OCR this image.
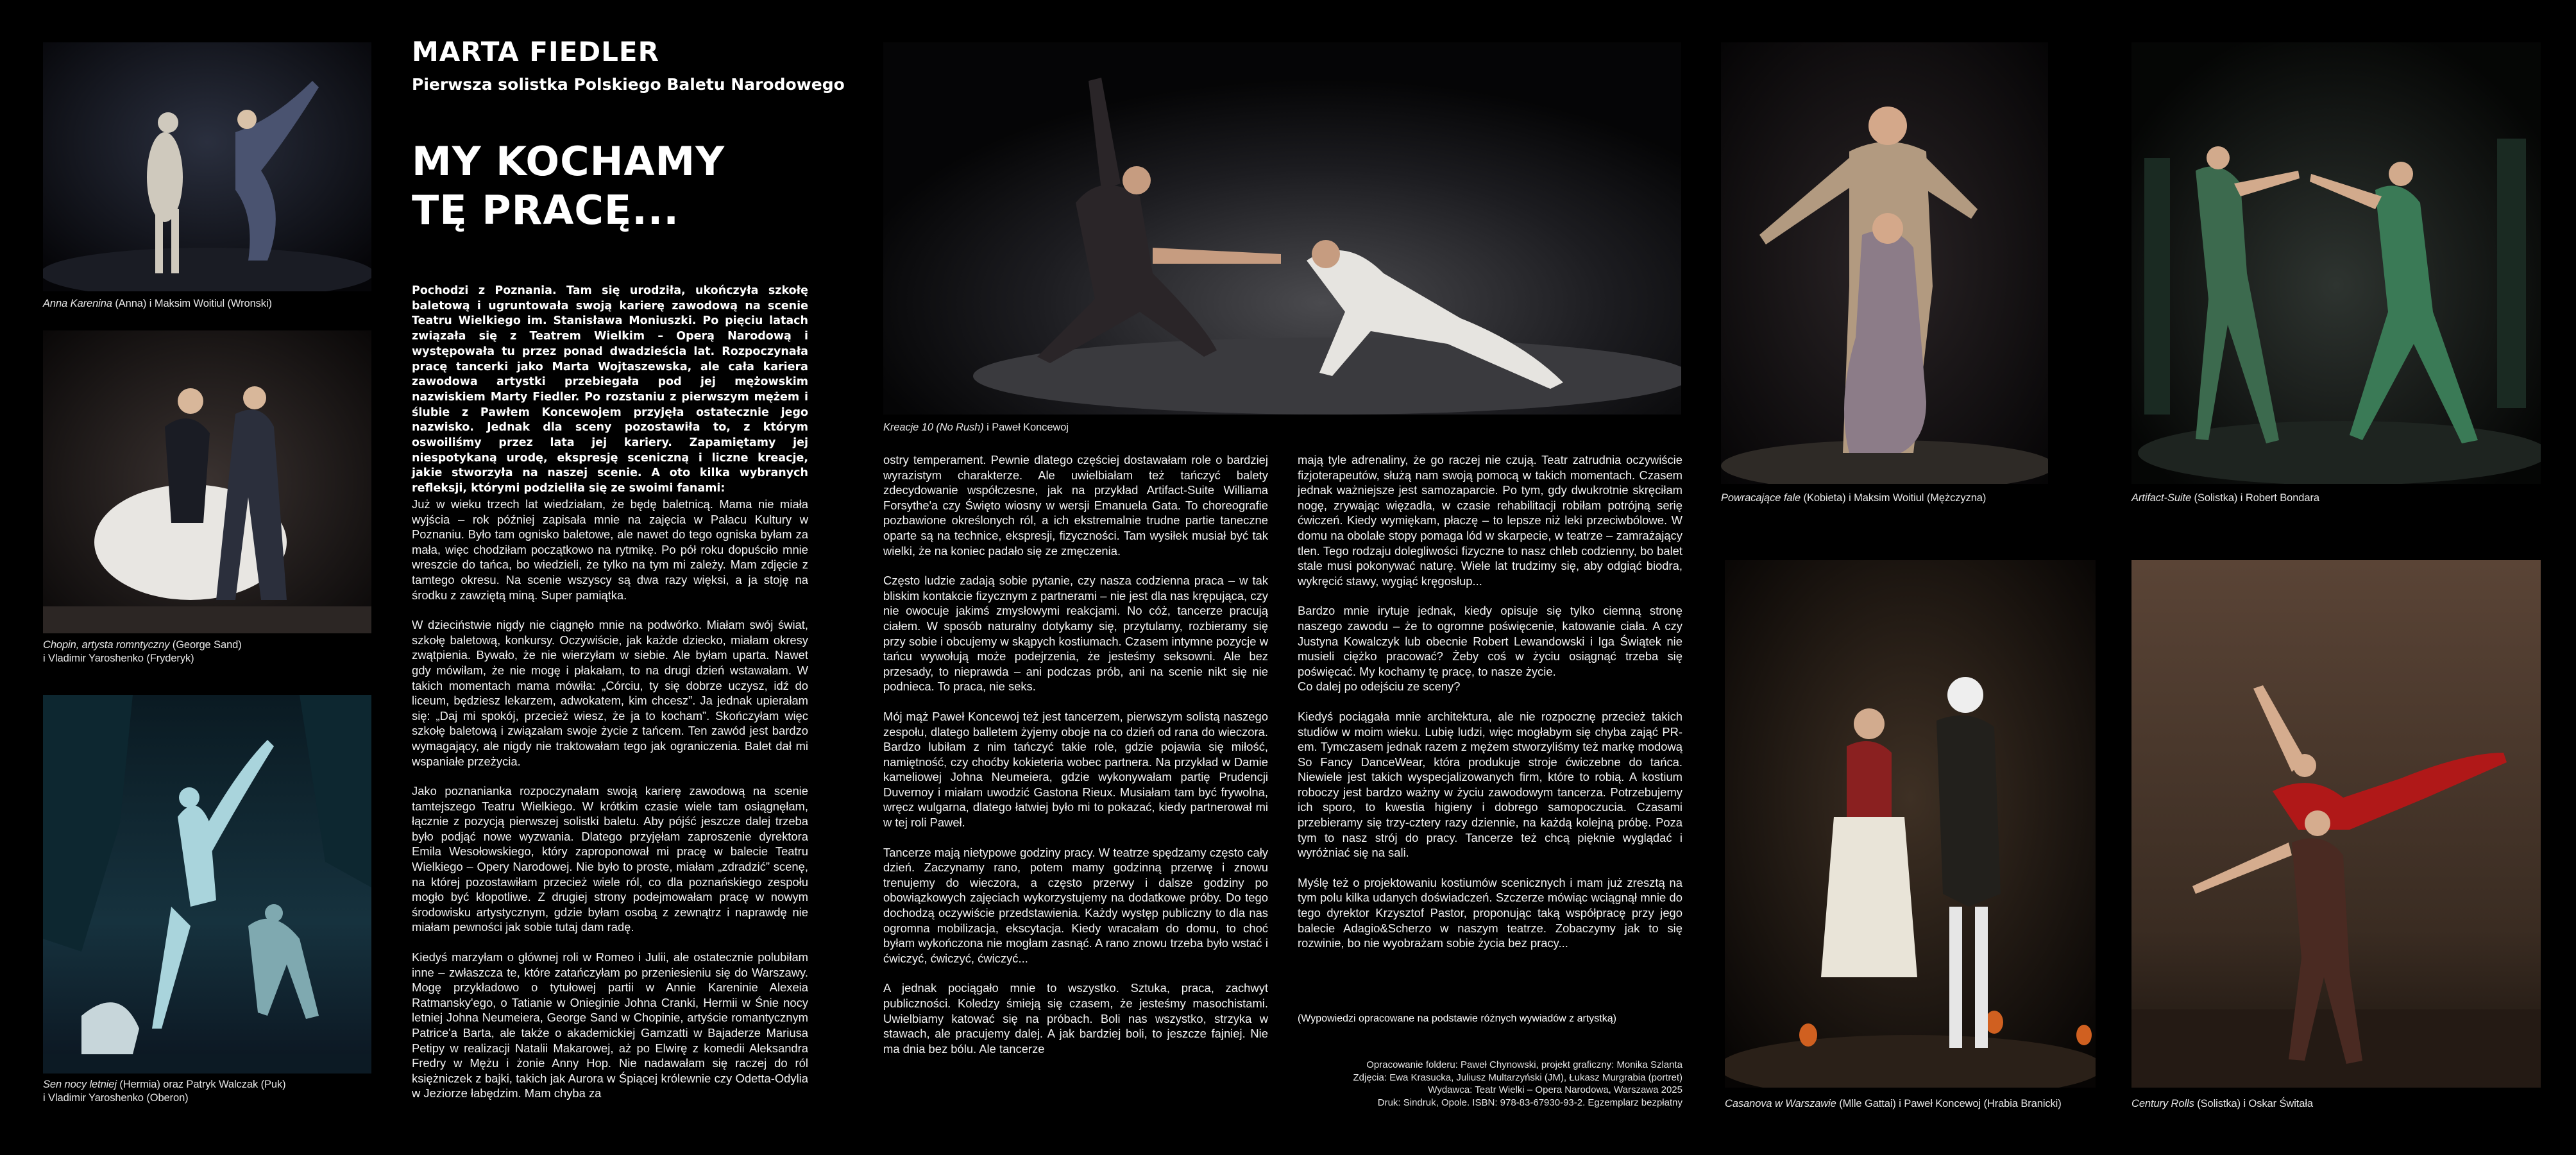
Anna Karenina (Anna) i Maksim Woitiul (Wronski)
Chopin, artysta romntyczny (George Sand)
i Vladimir Yaroshenko (Fryderyk)
Sen nocy letniej (Hermia) oraz Patryk Walczak (Puk)
i Vladimir Yaroshenko (Oberon)
Kreacje 10 (No Rush) i Paweł Koncewoj
Powracające fale (Kobieta) i Maksim Woitiul (Mężczyzna)	Artifact-Suite (Solistka) i Robert Bondara
Casanova w Warszawie (Mlle Gattai) i Paweł Koncewoj (Hrabia Branicki)	Century Rolls (Solistka) i Oskar Świtała
MARTA FIEDLER
Pierwsza solistka Polskiego Baletu Narodowego
MY KOCHAMY
TĘ PRACĘ...
Pochodzi z Poznania. Tam się urodziła, ukończyła szkołę baletową i ugruntowała swoją karierę zawodową na scenie Teatru Wielkiego im. Stanisława Moniuszki. Po pięciu latach związała się z Teatrem Wielkim – Operą Narodową i występowała tu przez ponad dwadzieścia lat. Rozpoczynała pracę tancerki jako Marta Wojtaszewska, ale cała kariera zawodowa artystki przebiegała pod jej mężowskim nazwiskiem Marty Fiedler. Po rozstaniu z pierwszym mężem i ślubie z Pawłem Koncewojem przyjęła ostatecznie jego nazwisko. Jednak dla sceny pozostawiła to, z którym oswoiliśmy przez lata jej kariery. Zapamiętamy jej niespotykaną urodę, ekspresję sceniczną i liczne kreacje, jakie stworzyła na naszej scenie. A oto kilka wybranych refleksji, którymi podzieliła się ze swoimi fanami:

Już w wieku trzech lat wiedziałam, że będę baletnicą. Mama nie miała wyjścia – rok później zapisała mnie na zajęcia w Pałacu Kultury w Poznaniu. Było tam ognisko baletowe, ale nawet do tego ogniska byłam za mała, więc chodziłam początkowo na rytmikę. Po pół roku dopuściło mnie wreszcie do tańca, bo wiedzieli, że tylko na tym mi zależy. Mam zdjęcie z tamtego okresu. Na scenie wszyscy są dwa razy więksi, a ja stoję na środku z zawziętą miną. Super pamiątka.

W dzieciństwie nigdy nie ciągnęło mnie na podwórko. Miałam swój świat, szkołę baletową, konkursy. Oczywiście, jak każde dziecko, miałam okresy zwątpienia. Bywało, że nie wierzyłam w siebie. Ale byłam uparta. Nawet gdy mówiłam, że nie mogę i płakałam, to na drugi dzień wstawałam. W takich momentach mama mówiła: „Córciu, ty się dobrze uczysz, idź do liceum, będziesz lekarzem, adwokatem, kim chcesz”. Ja jednak upierałam się: „Daj mi spokój, przecież wiesz, że ja to kocham”. Skończyłam więc szkołę baletową i związałam swoje życie z tańcem. Ten zawód jest bardzo wymagający, ale nigdy nie traktowałam tego jak ograniczenia. Balet dał mi wspaniałe przeżycia.

Jako poznanianka rozpoczynałam swoją karierę zawodową na scenie tamtejszego Teatru Wielkiego. W krótkim czasie wiele tam osiągnęłam, łącznie z pozycją pierwszej solistki baletu. Aby pójść jeszcze dalej trzeba było podjąć nowe wyzwania. Dlatego przyjęłam zaproszenie dyrektora Emila Wesołowskiego, który zaproponował mi pracę w balecie Teatru Wielkiego – Opery Narodowej. Nie było to proste, miałam „zdradzić” scenę, na której pozostawiłam przecież wiele ról, co dla poznańskiego zespołu mogło być kłopotliwe. Z drugiej strony podejmowałam pracę w nowym środowisku artystycznym, gdzie byłam osobą z zewnątrz i naprawdę nie miałam pewności jak sobie tutaj dam radę.

Kiedyś marzyłam o głównej roli w Romeo i Julii, ale ostatecznie polubiłam inne – zwłaszcza te, które zatańczyłam po przeniesieniu się do Warszawy. Mogę przykładowo o tytułowej partii w Annie Kareninie Alexeia Ratmansky'ego, o Tatianie w Onieginie Johna Cranki, Hermii w Śnie nocy letniej Johna Neumeiera, George Sand w Chopinie, artyście romantycznym Patrice'a Barta, ale także o akademickiej Gamzatti w Bajaderze Mariusa Petipy w realizacji Natalii Makarowej, aż po Elwirę z komedii Aleksandra Fredry w Mężu i żonie Anny Hop. Nie nadawałam się raczej do ról księżniczek z bajki, takich jak Aurora w Śpiącej królewnie czy Odetta-Odylia w Jeziorze łabędzim. Mam chyba za

ostry temperament. Pewnie dlatego częściej dostawałam role o bardziej wyrazistym charakterze. Ale uwielbiałam też tańczyć balety zdecydowanie współczesne, jak na przykład Artifact-Suite Williama Forsythe'a czy Święto wiosny w wersji Emanuela Gata. To choreografie pozbawione określonych ról, a ich ekstremalnie trudne partie taneczne oparte są na technice, ekspresji, fizyczności. Tam wysiłek musiał być tak wielki, że na koniec padało się ze zmęczenia.

Często ludzie zadają sobie pytanie, czy nasza codzienna praca – w tak bliskim kontakcie fizycznym z partnerami – nie jest dla nas krępująca, czy nie owocuje jakimś zmysłowymi reakcjami. No cóż, tancerze pracują ciałem. W sposób naturalny dotykamy się, przytulamy, rozbieramy się przy sobie i obcujemy w skąpych kostiumach. Czasem intymne pozycje w tańcu wywołują może podejrzenia, że jesteśmy seksowni. Ale bez przesady, to nieprawda – ani podczas prób, ani na scenie nikt się nie podnieca. To praca, nie seks.

Mój mąż Paweł Koncewoj też jest tancerzem, pierwszym solistą naszego zespołu, dlatego balletem żyjemy oboje na co dzień od rana do wieczora. Bardzo lubiłam z nim tańczyć takie role, gdzie pojawia się miłość, namiętność, czy choćby kokieteria wobec partnera. Na przykład w Damie kameliowej Johna Neumeiera, gdzie wykonywałam partię Prudencji Duvernoy i miałam uwodzić Gastona Rieux. Musiałam tam być frywolna, wręcz wulgarna, dlatego łatwiej było mi to pokazać, kiedy partnerował mi w tej roli Paweł.

Tancerze mają nietypowe godziny pracy. W teatrze spędzamy często cały dzień. Zaczynamy rano, potem mamy godzinną przerwę i znowu trenujemy do wieczora, a często przerwy i dalsze godziny po obowiązkowych zajęciach wykorzystujemy na dodatkowe próby. Do tego dochodzą oczywiście przedstawienia. Każdy występ publiczny to dla nas ogromna mobilizacja, ekscytacja. Kiedy wracałam do domu, to choć byłam wykończona nie mogłam zasnąć. A rano znowu trzeba było wstać i ćwiczyć, ćwiczyć, ćwiczyć...

A jednak pociągało mnie to wszystko. Sztuka, praca, zachwyt publiczności. Koledzy śmieją się czasem, że jesteśmy masochistami. Uwielbiamy katować się na próbach. Boli nas wszystko, strzyka w stawach, ale pracujemy dalej. A jak bardziej boli, to jeszcze fajniej. Nie ma dnia bez bólu. Ale tancerze

mają tyle adrenaliny, że go raczej nie czują. Teatr zatrudnia oczywiście fizjoterapeutów, służą nam swoją pomocą w takich momentach. Czasem jednak ważniejsze jest samozaparcie. Po tym, gdy dwukrotnie skręciłam nogę, zrywając więzadła, w czasie rehabilitacji robiłam potrójną serię ćwiczeń. Kiedy wymiękam, płaczę – to lepsze niż leki przeciwbólowe. W domu na obolałe stopy pomaga lód w skarpecie, w teatrze – zamrażający tlen. Tego rodzaju dolegliwości fizyczne to nasz chleb codzienny, bo balet stale musi pokonywać naturę. Wiele lat trudzimy się, aby odgiąć biodra, wykręcić stawy, wygiąć kręgosłup...

Bardzo mnie irytuje jednak, kiedy opisuje się tylko ciemną stronę naszego zawodu – że to ogromne poświęcenie, katowanie ciała. A czy Justyna Kowalczyk lub obecnie Robert Lewandowski i Iga Świątek nie musieli ciężko pracować? Żeby coś w życiu osiągnąć trzeba się poświęcać. My kochamy tę pracę, to nasze życie.
Co dalej po odejściu ze sceny?

Kiedyś pociągała mnie architektura, ale nie rozpocznę przecież takich studiów w moim wieku. Lubię ludzi, więc mogłabym się chyba zająć PR-em. Tymczasem jednak razem z mężem stworzyliśmy też markę modową So Fancy DanceWear, która produkuje stroje ćwiczebne do tańca. Niewiele jest takich wyspecjalizowanych firm, które to robią. A kostium roboczy jest bardzo ważny w życiu zawodowym tancerza. Potrzebujemy ich sporo, to kwestia higieny i dobrego samopoczucia. Czasami przebieramy się trzy-cztery razy dziennie, na każdą kolejną próbę. Poza tym to nasz strój do pracy. Tancerze też chcą pięknie wyglądać i wyróżniać się na sali.

Myślę też o projektowaniu kostiumów scenicznych i mam już zresztą na tym polu kilka udanych doświadczeń. Szczerze mówiąc wciągnął mnie do tego dyrektor Krzysztof Pastor, proponując taką współpracę przy jego balecie Adagio&Scherzo w naszym teatrze. Zobaczymy jak to się rozwinie, bo nie wyobrażam sobie życia bez pracy...

(Wypowiedzi opracowane na podstawie różnych wywiadów z artystką)
Opracowanie folderu: Paweł Chynowski, projekt graficzny: Monika Szlanta
Zdjęcia: Ewa Krasucka, Juliusz Multarzyński (JM), Łukasz Murgrabia (portret)
Wydawca: Teatr Wielki – Opera Narodowa, Warszawa 2025
Druk: Sindruk, Opole. ISBN: 978-83-67930-93-2. Egzemplarz bezpłatny
